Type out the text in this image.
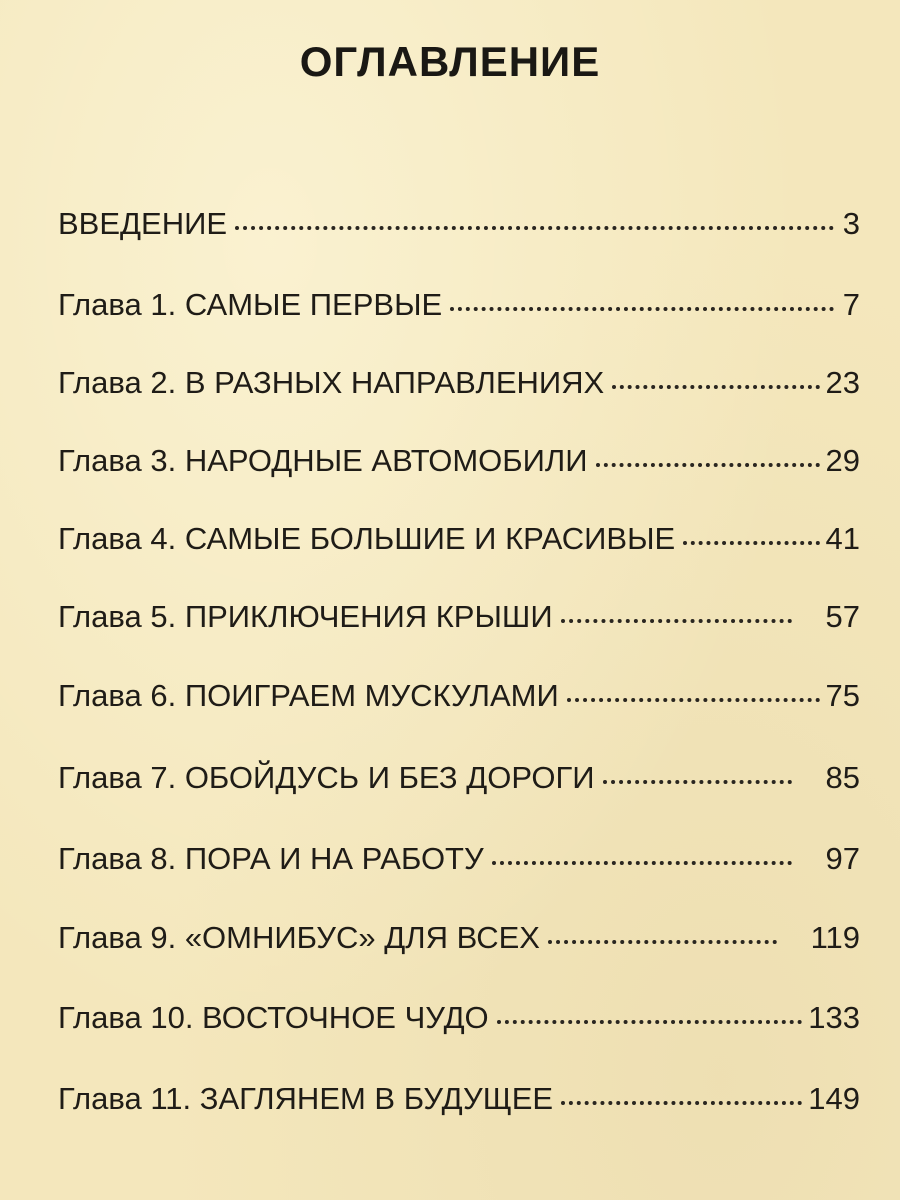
ОГЛАВЛЕНИЕ
ВВЕДЕНИЕ	3
Глава 1. САМЫЕ ПЕРВЫЕ	7
Глава 2. В РАЗНЫХ НАПРАВЛЕНИЯХ	23
Глава 3. НАРОДНЫЕ АВТОМОБИЛИ	29
Глава 4. САМЫЕ БОЛЬШИЕ И КРАСИВЫЕ	41
Глава 5. ПРИКЛЮЧЕНИЯ КРЫШИ	57
Глава 6. ПОИГРАЕМ МУСКУЛАМИ	75
Глава 7. ОБОЙДУСЬ И БЕЗ ДОРОГИ	85
Глава 8. ПОРА И НА РАБОТУ	97
Глава 9. «ОМНИБУС» ДЛЯ ВСЕХ	119
Глава 10. ВОСТОЧНОЕ ЧУДО	133
Глава 11. ЗАГЛЯНЕМ В БУДУЩЕЕ	149
